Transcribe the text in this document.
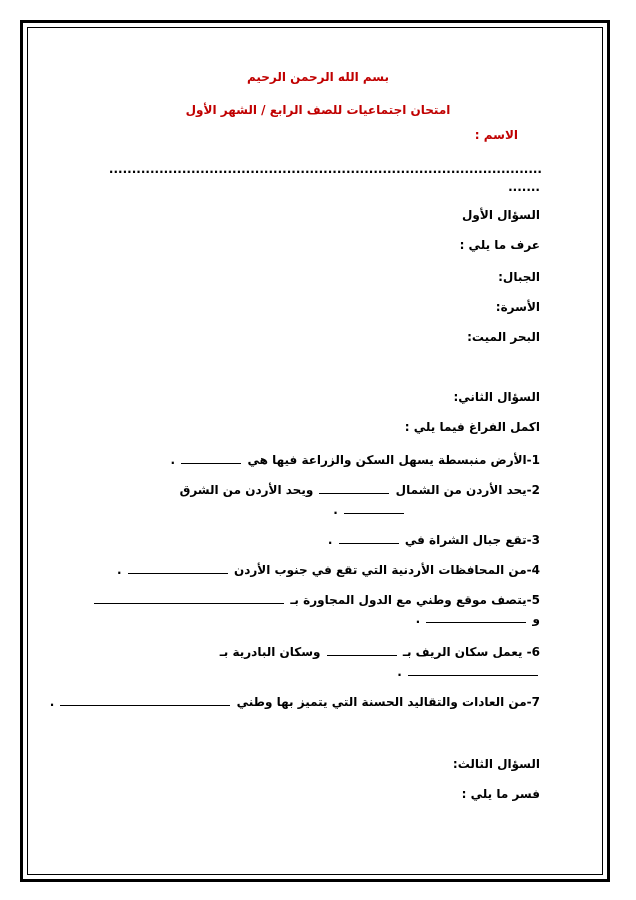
بسم الله الرحمن الرحيم
امتحان اجتماعيات للصف الرابع / الشهر الأول
الاسم :
...............................................................................................
.......
السؤال الأول
عرف ما يلي :
الجبال:
الأسرة:
البحر الميت:
السؤال الثاني:
اكمل الفراغ فيما يلي :
1-الأرض منبسطة يسهل السكن والزراعة فيها هي  .
2-يحد الأردن من الشمال  ويحد الأردن من الشرق
.
3-تقع جبال الشراة في  .
4-من المحافظات الأردنية التي تقع في جنوب الأردن  .
5-يتصف موقع وطني مع الدول المجاورة بـ
و  .
6- يعمل سكان الريف بـ  وسكان البادرية بـ
.
7-من العادات والتقاليد الحسنة التي يتميز بها وطني  .
السؤال الثالث:
فسر ما يلي :
